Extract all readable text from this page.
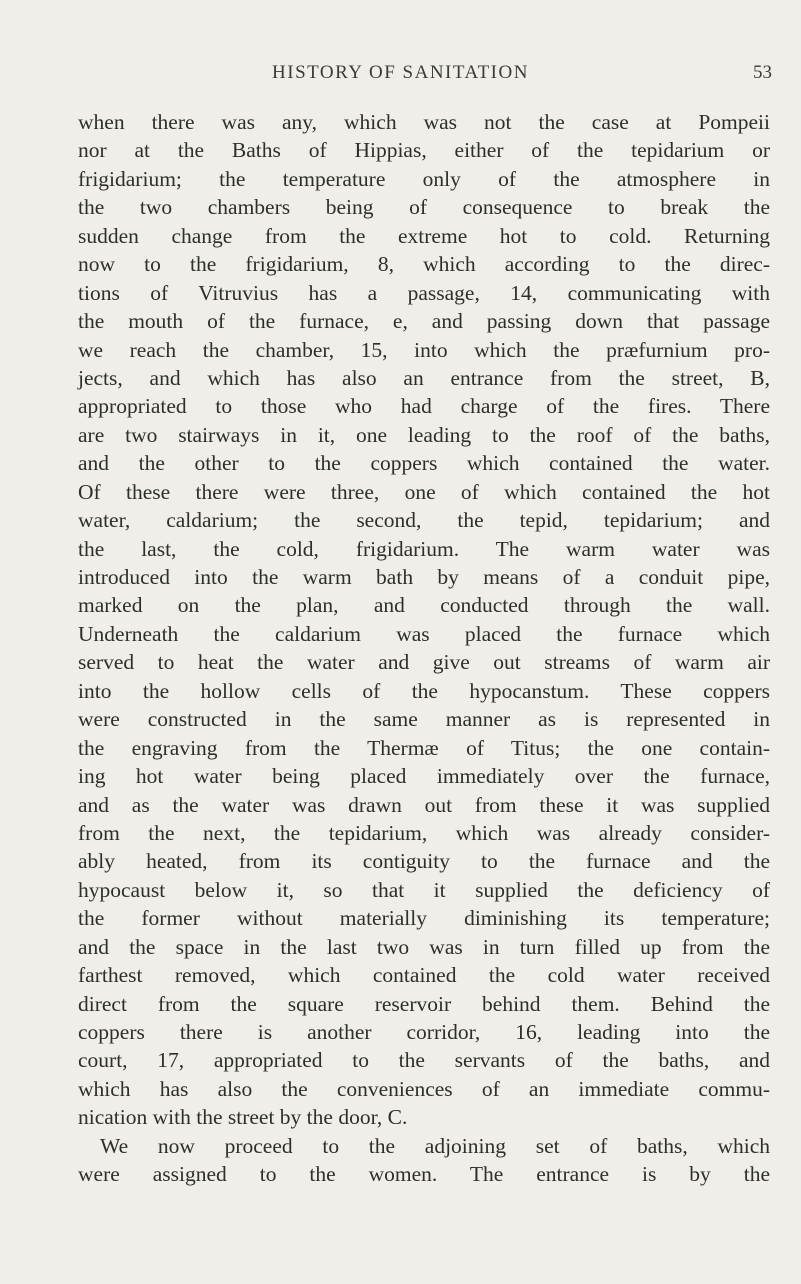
HISTORY OF SANITATION	53
when there was any, which was not the case at Pompeii
nor at the Baths of Hippias, either of the tepidarium or
frigidarium; the temperature only of the atmosphere in
the two chambers being of consequence to break the
sudden change from the extreme hot to cold. Returning
now to the frigidarium, 8, which according to the direc-
tions of Vitruvius has a passage, 14, communicating with
the mouth of the furnace, e, and passing down that passage
we reach the chamber, 15, into which the præfurnium pro-
jects, and which has also an entrance from the street, B,
appropriated to those who had charge of the fires. There
are two stairways in it, one leading to the roof of the baths,
and the other to the coppers which contained the water.
Of these there were three, one of which contained the hot
water, caldarium; the second, the tepid, tepidarium; and
the last, the cold, frigidarium. The warm water was
introduced into the warm bath by means of a conduit pipe,
marked on the plan, and conducted through the wall.
Underneath the caldarium was placed the furnace which
served to heat the water and give out streams of warm air
into the hollow cells of the hypocanstum. These coppers
were constructed in the same manner as is represented in
the engraving from the Thermæ of Titus; the one contain-
ing hot water being placed immediately over the furnace,
and as the water was drawn out from these it was supplied
from the next, the tepidarium, which was already consider-
ably heated, from its contiguity to the furnace and the
hypocaust below it, so that it supplied the deficiency of
the former without materially diminishing its temperature;
and the space in the last two was in turn filled up from the
farthest removed, which contained the cold water received
direct from the square reservoir behind them. Behind the
coppers there is another corridor, 16, leading into the
court, 17, appropriated to the servants of the baths, and
which has also the conveniences of an immediate commu-
nication with the street by the door, C.
We now proceed to the adjoining set of baths, which
were assigned to the women. The entrance is by the
